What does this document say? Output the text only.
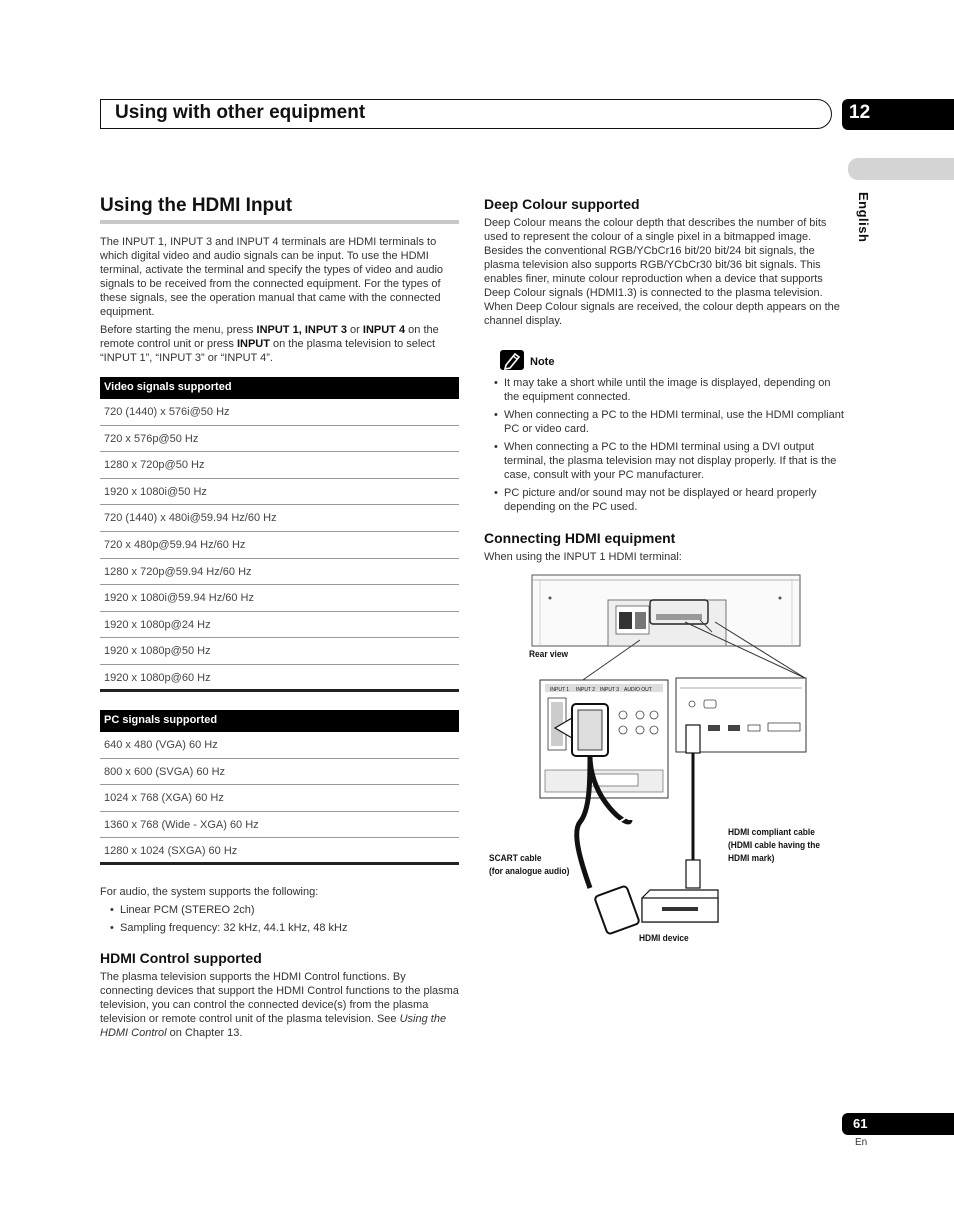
Using with other equipment	12
English
Using the HDMI Input
The INPUT 1, INPUT 3 and INPUT 4 terminals are HDMI terminals to which digital video and audio signals can be input. To use the HDMI terminal, activate the terminal and specify the types of video and audio signals to be received from the connected equipment. For the types of these signals, see the operation manual that came with the connected equipment.
Before starting the menu, press INPUT 1, INPUT 3 or INPUT 4 on the remote control unit or press INPUT on the plasma television to select “INPUT 1”, “INPUT 3” or “INPUT 4”.
Video signals supported
720 (1440) x 576i@50 Hz
720 x 576p@50 Hz
1280 x 720p@50 Hz
1920 x 1080i@50 Hz
720 (1440) x 480i@59.94 Hz/60 Hz
720 x 480p@59.94 Hz/60 Hz
1280 x 720p@59.94 Hz/60 Hz
1920 x 1080i@59.94 Hz/60 Hz
1920 x 1080p@24 Hz
1920 x 1080p@50 Hz
1920 x 1080p@60 Hz
PC signals supported
640 x 480 (VGA) 60 Hz
800 x 600 (SVGA) 60 Hz
1024 x 768 (XGA) 60 Hz
1360 x 768 (Wide - XGA) 60 Hz
1280 x 1024 (SXGA) 60 Hz
For audio, the system supports the following:
• Linear PCM (STEREO 2ch)
• Sampling frequency: 32 kHz, 44.1 kHz, 48 kHz
HDMI Control supported
The plasma television supports the HDMI Control functions. By connecting devices that support the HDMI Control functions to the plasma television, you can control the connected device(s) from the plasma television or remote control unit of the plasma television. See Using the HDMI Control on Chapter 13.
Deep Colour supported
Deep Colour means the colour depth that describes the number of bits used to represent the colour of a single pixel in a bitmapped image. Besides the conventional RGB/YCbCr16 bit/20 bit/24 bit signals, the plasma television also supports RGB/YCbCr30 bit/36 bit signals. This enables finer, minute colour reproduction when a device that supports Deep Colour signals (HDMI1.3) is connected to the plasma television. When Deep Colour signals are received, the colour depth appears on the channel display.
Note
• It may take a short while until the image is displayed, depending on the equipment connected.
• When connecting a PC to the HDMI terminal, use the HDMI compliant PC or video card.
• When connecting a PC to the HDMI terminal using a DVI output terminal, the plasma television may not display properly. If that is the case, consult with your PC manufacturer.
• PC picture and/or sound may not be displayed or heard properly depending on the PC used.
Connecting HDMI equipment
When using the INPUT 1 HDMI terminal:
INPUT 1 INPUT 2 INPUT 3 AUDIO OUT
Rear view
HDMI compliant cable
(HDMI cable having the
HDMI mark)
SCART cable
(for analogue audio)
HDMI device
61
En
